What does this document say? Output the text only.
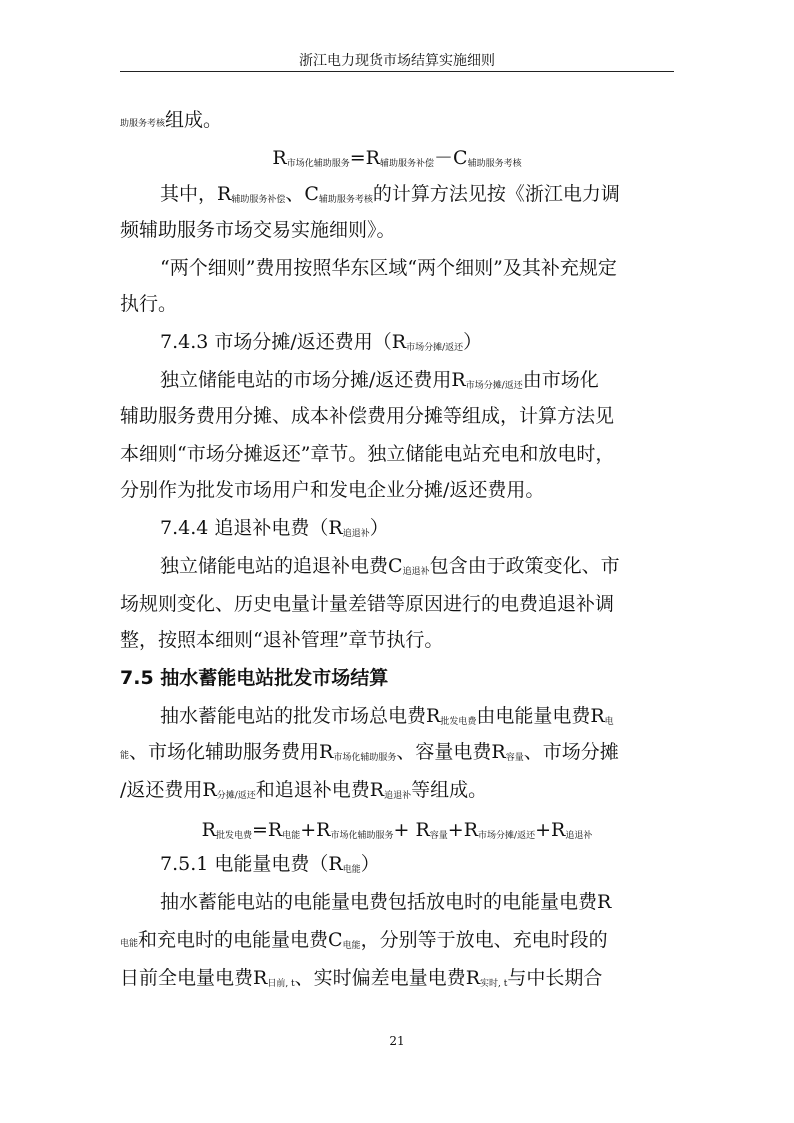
浙江电力现货市场结算实施细则
助服务考核组成。
R市场化辅助服务=R辅助服务补偿－C辅助服务考核
其中，R辅助服务补偿、C辅助服务考核的计算方法见按《浙江电力调
频辅助服务市场交易实施细则》。
“两个细则”费用按照华东区域“两个细则”及其补充规定
执行。
7.4.3 市场分摊/返还费用（R市场分摊/返还）
独立储能电站的市场分摊/返还费用R市场分摊/返还由市场化
辅助服务费用分摊、成本补偿费用分摊等组成，计算方法见
本细则“市场分摊返还”章节。独立储能电站充电和放电时，
分别作为批发市场用户和发电企业分摊/返还费用。
7.4.4 追退补电费（R追退补）
独立储能电站的追退补电费C追退补包含由于政策变化、市
场规则变化、历史电量计量差错等原因进行的电费追退补调
整，按照本细则“退补管理”章节执行。
7.5 抽水蓄能电站批发市场结算
抽水蓄能电站的批发市场总电费R批发电费由电能量电费R电
能、市场化辅助服务费用R市场化辅助服务、容量电费R容量、市场分摊
/返还费用R分摊/返还和追退补电费R追退补等组成。
R批发电费=R电能+R市场化辅助服务+ R容量+R市场分摊/返还+R追退补
7.5.1 电能量电费（R电能）
抽水蓄能电站的电能量电费包括放电时的电能量电费R
电能和充电时的电能量电费C电能，分别等于放电、充电时段的
日前全电量电费R日前, t、实时偏差电量电费R实时, t与中长期合
21
